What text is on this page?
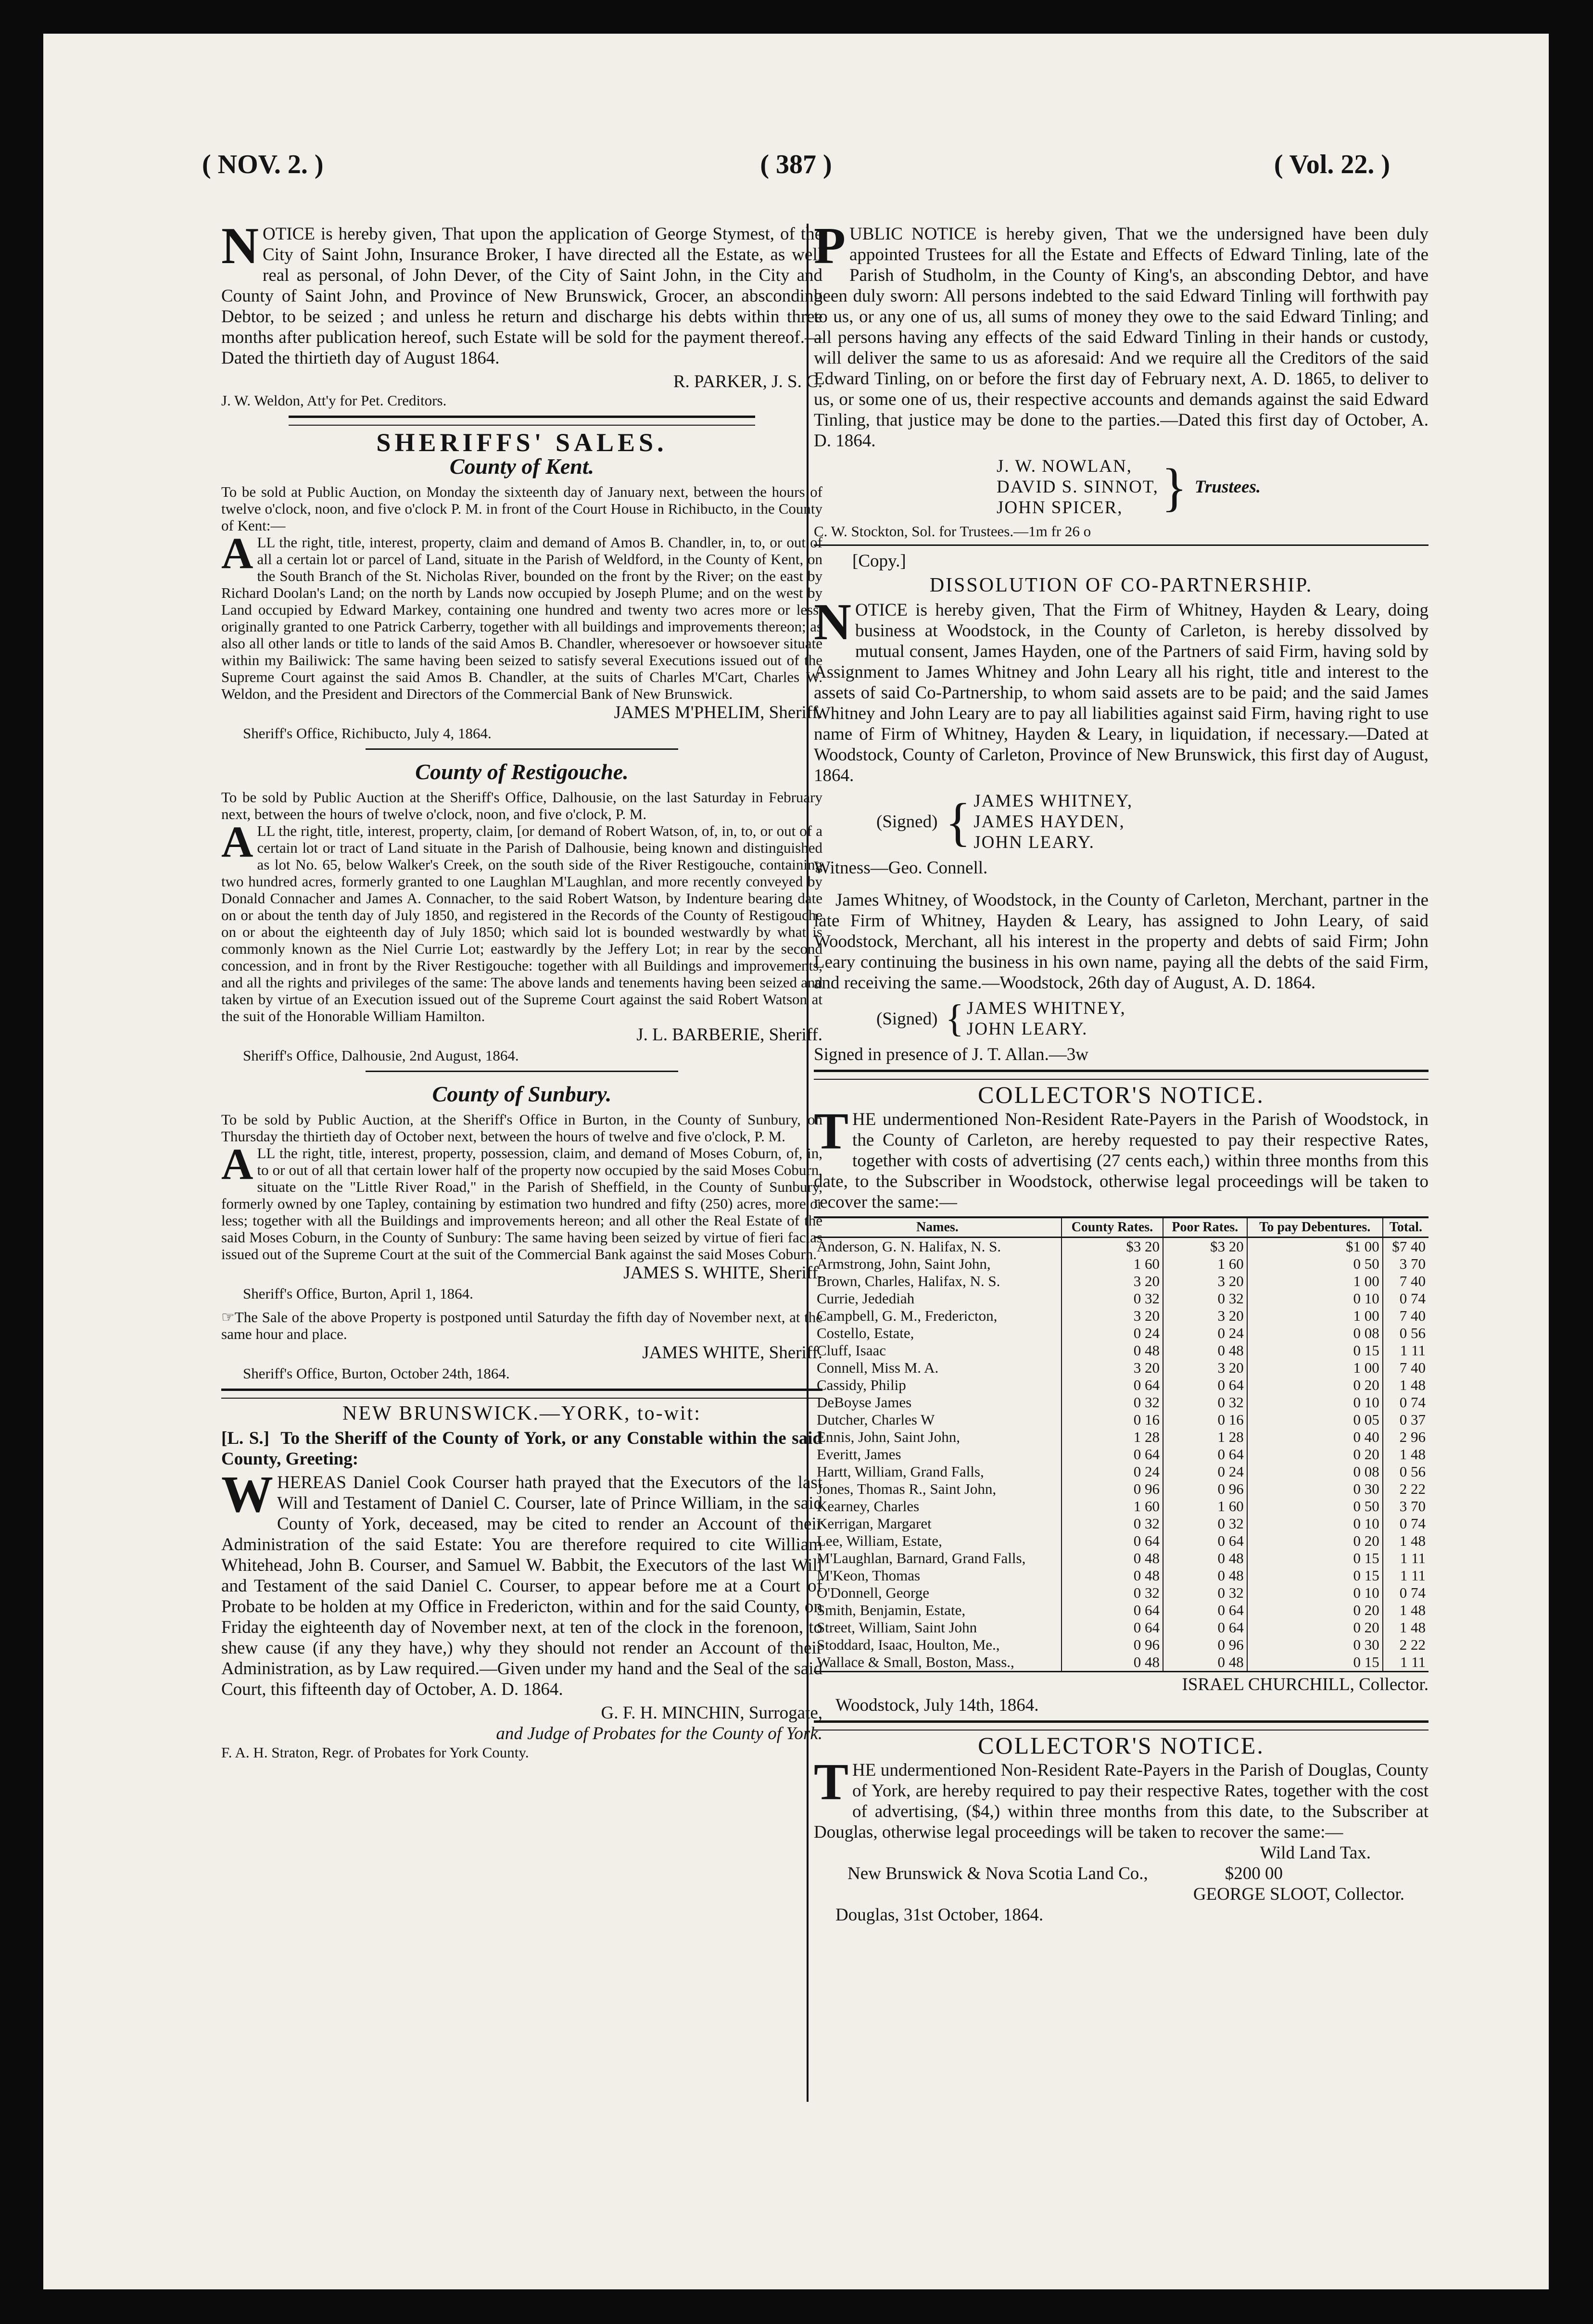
( NOV. 2. )	( 387 )	( Vol. 22. )

NOTICE is hereby given, That upon the application of George Stymest, of the City of Saint John, Insurance Broker, I have directed all the Estate, as well real as personal, of John Dever, of the City of Saint John, in the City and County of Saint John, and Province of New Brunswick, Grocer, an absconding Debtor, to be seized ; and unless he return and discharge his debts within three months after publication hereof, such Estate will be sold for the payment thereof.—Dated the thirtieth day of August 1864.

R. PARKER, J. S. C.

J. W. Weldon, Att'y for Pet. Creditors.

SHERIFFS' SALES.
County of Kent.

To be sold at Public Auction, on Monday the sixteenth day of January next, between the hours of twelve o'clock, noon, and five o'clock P. M. in front of the Court House in Richibucto, in the County of Kent:—

ALL the right, title, interest, property, claim and demand of Amos B. Chandler, in, to, or out of all a certain lot or parcel of Land, situate in the Parish of Weldford, in the County of Kent, on the South Branch of the St. Nicholas River, bounded on the front by the River; on the east by Richard Doolan's Land; on the north by Lands now occupied by Joseph Plume; and on the west by Land occupied by Edward Markey, containing one hundred and twenty two acres more or less, originally granted to one Patrick Carberry, together with all buildings and improvements thereon; as also all other lands or title to lands of the said Amos B. Chandler, wheresoever or howsoever situate within my Bailiwick: The same having been seized to satisfy several Executions issued out of the Supreme Court against the said Amos B. Chandler, at the suits of Charles M'Cart, Charles W. Weldon, and the President and Directors of the Commercial Bank of New Brunswick.

JAMES M'PHELIM, Sheriff.

Sheriff's Office, Richibucto, July 4, 1864.

County of Restigouche.

To be sold by Public Auction at the Sheriff's Office, Dalhousie, on the last Saturday in February next, between the hours of twelve o'clock, noon, and five o'clock, P. M.

ALL the right, title, interest, property, claim, [or demand of Robert Watson, of, in, to, or out of a certain lot or tract of Land situate in the Parish of Dalhousie, being known and distinguished as lot No. 65, below Walker's Creek, on the south side of the River Restigouche, containing two hundred acres, formerly granted to one Laughlan M'Laughlan, and more recently conveyed by Donald Connacher and James A. Connacher, to the said Robert Watson, by Indenture bearing date on or about the tenth day of July 1850, and registered in the Records of the County of Restigouche on or about the eighteenth day of July 1850; which said lot is bounded westwardly by what is commonly known as the Niel Currie Lot; eastwardly by the Jeffery Lot; in rear by the second concession, and in front by the River Restigouche: together with all Buildings and improvements, and all the rights and privileges of the same: The above lands and tenements having been seized and taken by virtue of an Execution issued out of the Supreme Court against the said Robert Watson at the suit of the Honorable William Hamilton.

J. L. BARBERIE, Sheriff.

Sheriff's Office, Dalhousie, 2nd August, 1864.

County of Sunbury.

To be sold by Public Auction, at the Sheriff's Office in Burton, in the County of Sunbury, on Thursday the thirtieth day of October next, between the hours of twelve and five o'clock, P. M.

ALL the right, title, interest, property, possession, claim, and demand of Moses Coburn, of, in, to or out of all that certain lower half of the property now occupied by the said Moses Coburn, situate on the "Little River Road," in the Parish of Sheffield, in the County of Sunbury, formerly owned by one Tapley, containing by estimation two hundred and fifty (250) acres, more or less; together with all the Buildings and improvements hereon; and all other the Real Estate of the said Moses Coburn, in the County of Sunbury: The same having been seized by virtue of fieri facias issued out of the Supreme Court at the suit of the Commercial Bank against the said Moses Coburn.

JAMES S. WHITE, Sheriff.

Sheriff's Office, Burton, April 1, 1864.

☞The Sale of the above Property is postponed until Saturday the fifth day of November next, at the same hour and place.

JAMES WHITE, Sheriff.

Sheriff's Office, Burton, October 24th, 1864.

NEW BRUNSWICK.—YORK, to-wit:

[L. S.] To the Sheriff of the County of York, or any Constable within the said County, Greeting:

WHEREAS Daniel Cook Courser hath prayed that the Executors of the last Will and Testament of Daniel C. Courser, late of Prince William, in the said County of York, deceased, may be cited to render an Account of their Administration of the said Estate: You are therefore required to cite William Whitehead, John B. Courser, and Samuel W. Babbit, the Executors of the last Will and Testament of the said Daniel C. Courser, to appear before me at a Court of Probate to be holden at my Office in Fredericton, within and for the said County, on Friday the eighteenth day of November next, at ten of the clock in the forenoon, to shew cause (if any they have,) why they should not render an Account of their Administration, as by Law required.—Given under my hand and the Seal of the said Court, this fifteenth day of October, A. D. 1864.

G. F. H. MINCHIN, Surrogate,

and Judge of Probates for the County of York.

F. A. H. Straton, Regr. of Probates for York County.

PUBLIC NOTICE is hereby given, That we the undersigned have been duly appointed Trustees for all the Estate and Effects of Edward Tinling, late of the Parish of Studholm, in the County of King's, an absconding Debtor, and have been duly sworn: All persons indebted to the said Edward Tinling will forthwith pay to us, or any one of us, all sums of money they owe to the said Edward Tinling; and all persons having any effects of the said Edward Tinling in their hands or custody, will deliver the same to us as aforesaid: And we require all the Creditors of the said Edward Tinling, on or before the first day of February next, A. D. 1865, to deliver to us, or some one of us, their respective accounts and demands against the said Edward Tinling, that justice may be done to the parties.—Dated this first day of October, A. D. 1864.

J. W. NOWLAN,
DAVID S. SINNOT,
JOHN SPICER, } Trustees.

C. W. Stockton, Sol. for Trustees.—1m fr 26 o

[Copy.]

DISSOLUTION OF CO-PARTNERSHIP.

NOTICE is hereby given, That the Firm of Whitney, Hayden & Leary, doing business at Woodstock, in the County of Carleton, is hereby dissolved by mutual consent, James Hayden, one of the Partners of said Firm, having sold by Assignment to James Whitney and John Leary all his right, title and interest to the assets of said Co-Partnership, to whom said assets are to be paid; and the said James Whitney and John Leary are to pay all liabilities against said Firm, having right to use name of Firm of Whitney, Hayden & Leary, in liquidation, if necessary.—Dated at Woodstock, County of Carleton, Province of New Brunswick, this first day of August, 1864.

(Signed) { JAMES WHITNEY,
JAMES HAYDEN,
JOHN LEARY.

Witness—Geo. Connell.

James Whitney, of Woodstock, in the County of Carleton, Merchant, partner in the late Firm of Whitney, Hayden & Leary, has assigned to John Leary, of said Woodstock, Merchant, all his interest in the property and debts of said Firm; John Leary continuing the business in his own name, paying all the debts of the said Firm, and receiving the same.—Woodstock, 26th day of August, A. D. 1864.

(Signed) { JAMES WHITNEY,
JOHN LEARY.

Signed in presence of J. T. Allan.—3w

COLLECTOR'S NOTICE.

THE undermentioned Non-Resident Rate-Payers in the Parish of Woodstock, in the County of Carleton, are hereby requested to pay their respective Rates, together with costs of advertising (27 cents each,) within three months from this date, to the Subscriber in Woodstock, otherwise legal proceedings will be taken to recover the same:—

Names.	County Rates.	Poor Rates.	To pay Debentures.	Total.
Anderson, G. N. Halifax, N. S.	$3 20	$3 20	$1 00	$7 40
Armstrong, John, Saint John,	1 60	1 60	0 50	3 70
Brown, Charles, Halifax, N. S.	3 20	3 20	1 00	7 40
Currie, Jedediah	0 32	0 32	0 10	0 74
Campbell, G. M., Fredericton,	3 20	3 20	1 00	7 40
Costello, Estate,	0 24	0 24	0 08	0 56
Cluff, Isaac	0 48	0 48	0 15	1 11
Connell, Miss M. A.	3 20	3 20	1 00	7 40
Cassidy, Philip	0 64	0 64	0 20	1 48
DeBoyse James	0 32	0 32	0 10	0 74
Dutcher, Charles W	0 16	0 16	0 05	0 37
Ennis, John, Saint John,	1 28	1 28	0 40	2 96
Everitt, James	0 64	0 64	0 20	1 48
Hartt, William, Grand Falls,	0 24	0 24	0 08	0 56
Jones, Thomas R., Saint John,	0 96	0 96	0 30	2 22
Kearney, Charles	1 60	1 60	0 50	3 70
Kerrigan, Margaret	0 32	0 32	0 10	0 74
Lee, William, Estate,	0 64	0 64	0 20	1 48
M'Laughlan, Barnard, Grand Falls,	0 48	0 48	0 15	1 11
M'Keon, Thomas	0 48	0 48	0 15	1 11
O'Donnell, George	0 32	0 32	0 10	0 74
Smith, Benjamin, Estate,	0 64	0 64	0 20	1 48
Street, William, Saint John	0 64	0 64	0 20	1 48
Stoddard, Isaac, Houlton, Me.,	0 96	0 96	0 30	2 22
Wallace & Small, Boston, Mass.,	0 48	0 48	0 15	1 11

ISRAEL CHURCHILL, Collector.

Woodstock, July 14th, 1864.

COLLECTOR'S NOTICE.

THE undermentioned Non-Resident Rate-Payers in the Parish of Douglas, County of York, are hereby required to pay their respective Rates, together with the cost of advertising, ($4,) within three months from this date, to the Subscriber at Douglas, otherwise legal proceedings will be taken to recover the same:—

Wild Land Tax.

New Brunswick & Nova Scotia Land Co.,	$200 00

GEORGE SLOOT, Collector.

Douglas, 31st October, 1864.
